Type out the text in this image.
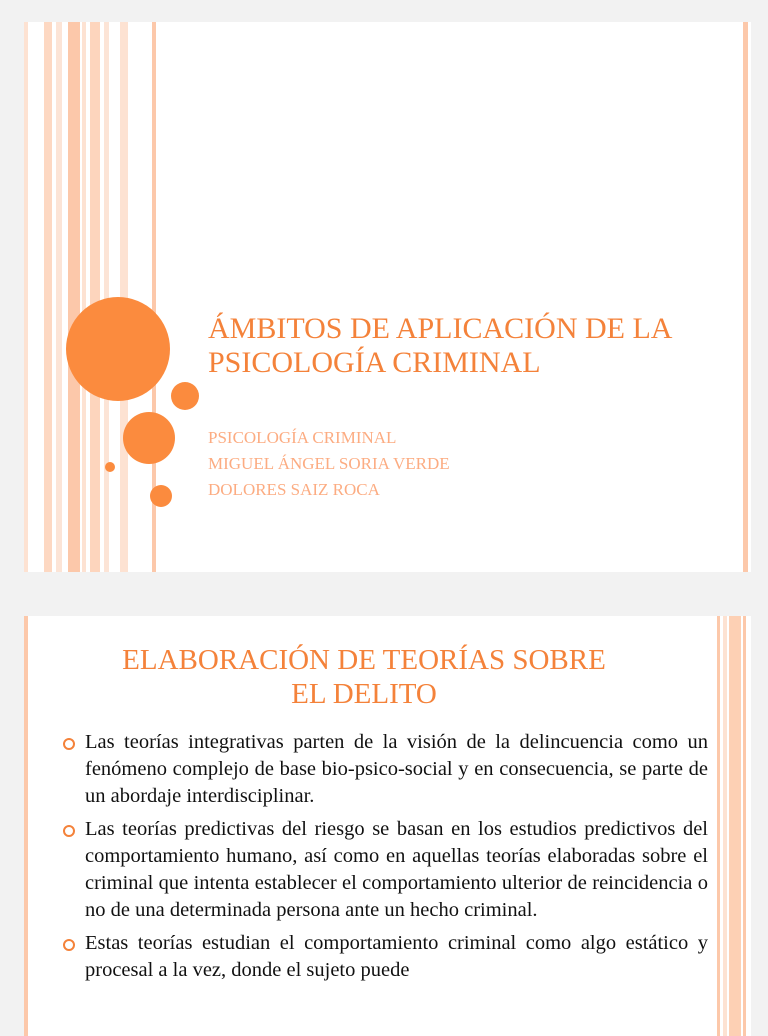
ÁMBITOS DE APLICACIÓN DE LA PSICOLOGÍA CRIMINAL

PSICOLOGÍA CRIMINAL

MIGUEL ÁNGEL SORIA VERDE

DOLORES SAIZ ROCA

ELABORACIÓN DE TEORÍAS SOBRE
EL DELITO
Las teorías integrativas parten de la visión de la delincuencia como un fenómeno complejo de base bio-psico-social y en consecuencia, se parte de un abordaje interdisciplinar.
Las teorías predictivas del riesgo se basan en los estudios predictivos del comportamiento humano, así como en aquellas teorías elaboradas sobre el criminal que intenta establecer el comportamiento ulterior de reincidencia o no de una determinada persona ante un hecho criminal.
Estas teorías estudian el comportamiento criminal como algo estático y procesal a la vez, donde el sujeto puede
